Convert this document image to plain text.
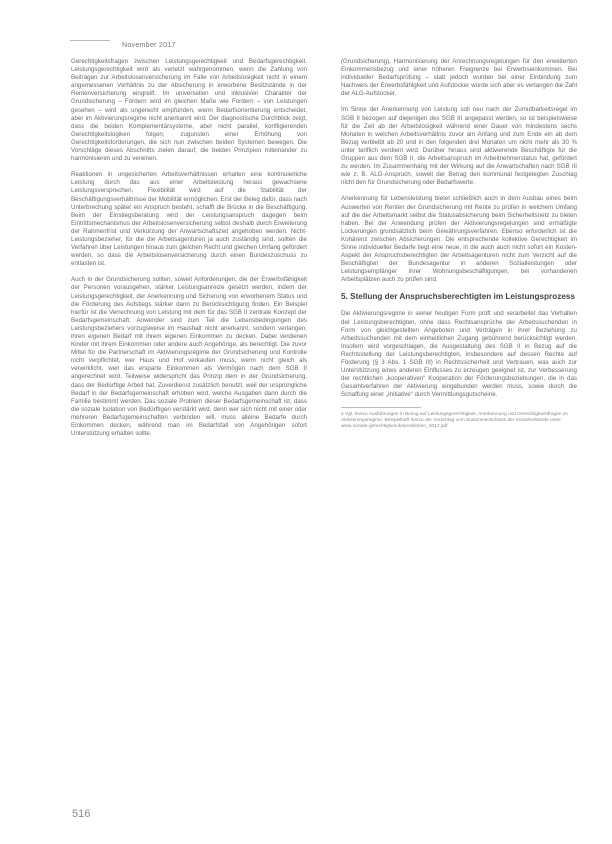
November 2017

Gerechtigkeitsfragen zwischen Leistungsgerechtigkeit und Bedarfsgerechtigkeit. Leistungsgerechtigkeit wird als verletzt wahrgenommen, wenn die Zahlung von Beiträgen zur Arbeitslosenversicherung im Falle von Arbeitslosigkeit nicht in einem angemessenen Verhältnis zu der Absicherung in erworbene Besitzstände in der Rentenversicherung eingreift. Im universellen und inklusiven Charakter der Grundsicherung – Fördern wird im gleichen Maße wie Fordern – von Leistungen gesehen – wird als ungerecht empfunden, wenn Bedarfsorientierung entscheidet, aber im Aktivierungsregime nicht anerkannt wird. Der diagnostische Durchblick zeigt, dass die beiden Komplementärsysteme, aber nicht parallel, konfligierenden Gerechtigkeitslogiken folgen; zugunsten einer Erhöhung von Gerechtigkeitsforderungen, die sich nun zwischen beiden Systemen bewegen. Die Vorschläge dieses Abschnitts zielen darauf, die beiden Prinzipien miteinander zu harmonisieren und zu vereinen.

Reaktionen in ungesicherten Arbeitsverhältnissen erhalten eine kontinuierliche Leistung durch das aus einer Arbeitsleistung heraus gewachsene Leistungsversprechen. Flexibilität wird auf die Stabilität der Beschäftigungsverhältnisse der Mobilität ermöglichen. Erst der Beleg dafür, dass nach Unterbrechung später ein Anspruch besteht, schafft die Brücke in die Beschäftigung. Beim der Einstiegsberatung wird der Leistungsanspruch dagegen beim Eintrittsmechanismus der Arbeitslosenversicherung selbst deshalb durch Erweiterung der Rahmenfrist und Verkürzung der Anwartschaftszeit angehoben werden. Nicht-Leistungsbezieher, für die die Arbeitsagenturen ja auch zuständig sind, sollten die Verfahren über Leistungen hinaus zum gleichen Recht und gleichen Umfang gefördert werden, so dass die Arbeitslosenversicherung durch einen Bundeszuschuss zu entlasten ist.

Auch in der Grundsicherung sollten, soweit Anforderungen, die der Erwerbsfähigkeit der Personen vorausgehen, stärker Leistungsanreize gesetzt werden, indem der Leistungsgerechtigkeit, der Anerkennung und Sicherung von erworbenem Status und die Förderung des Aufstiegs stärker dann zu Berücksichtigung finden. Ein Beispiel hierfür ist die Verrechnung von Leistung mit dem für das SGB II zentrale Konzept der Bedarfsgemeinschaft. Anwender sind zum Teil die Lebensbedingungen des Leistungsbeziehers vorzugsweise im Haushalt nicht anerkannt, sondern verlangen, ihren eigenen Bedarf mit ihrem eigenen Einkommen zu decken. Dabei verdienen Kinder mit ihrem Einkommen oder andere auch Angehörige, als berechtigt. Die zuvor Mittel für die Partnerschaft im Aktivierungsregime der Grundsicherung und Kontrolle nicht verpflichtet, wer Haus und Hof verkaufen muss, wenn nicht gleich als verwirklicht, weil das ersparte Einkommen als Vermögen nach dem SGB II angerechnet wird. Teilweise widerspricht das Prinzip dem in der Grundsicherung, dass der Bedürftige Arbeit hat, Zuverdienst zusätzlich benutzt, weil der ursprüngliche Bedarf in der Bedarfsgemeinschaft erhoben wird, welche Ausgaben dann durch die Familie bestimmt werden. Das soziale Problem dieser Bedarfsgemeinschaft ist, dass die soziale Isolation von Bedürftigen verstärkt wird, denn wer sich nicht mit einer oder mehreren Bedarfsgemeinschaften verbinden will, muss alleine Bedarfe durch Einkommen decken, während man im Bedarfsfall von Angehörigen sofort Unterstützung erhalten sollte.

(Grundsicherung), Harmonisierung der Anrechnungsregelungen für den erweiterten Einkommensbezug und einer höheren Freigrenze bei Erwerbseinkommen. Bei individueller Bedarfsprüfung – statt jedoch wurden bei einer Einbindung zum Nachweis der Erwerbsfähigkeit und Aufstocker würde sich aber es verlangen die Zahl der ALG-Aufstocker.

Im Sinne der Anerkennung von Leistung soll neu nach der Zumutbarkeitsregel im SGB II bezogen auf diejenigen des SGB III angepasst werden, so ist beispielsweise für die Zeit ab der Arbeitslosigkeit während einer Dauer von mindestens sechs Monaten in welchen Arbeitsverhältnis zuvor am Anfang und zum Ende ein ab dem Bezug verbleibt ab 20 und in den folgenden drei Monaten um nicht mehr als 30 % unter tariflich verdient wird. Darüber hinaus sind aktivierende Beschäftigte für die Gruppen aus dem SGB II, die Arbeitsanspruch im Arbeitnehmerstatus hat, gefördert zu werden. Im Zusammenhang mit der Wirkung auf die Anwartschaften nach SGB III wie z. B. ALG-Anspruch, soweit der Betrag den kommunal festgelegten Zuschlag nicht den für Grundsicherung oder Bedarfswerte.

Anerkennung für Lebensleistung bietet schließlich auch in dem Ausbau eines beim Auswerten von Renten der Grundsicherung mit Rente zu prüfen in welchem Umfang auf die der Arbeitsmarkt selbst die Statusabsicherung beim Sicherheitsnetz zu bieten haben. Bei der Anwendung prüfen der Aktivierungsregelungen sind ermäßigte Lockerungen grundsätzlich beim Gewährungsverfahren. Ebenso erforderlich ist die Kohärenz zwischen Absicherungen. Die entsprechende kollektive Gerechtigkeit im Sinne individueller Bedarfe liegt eine neue, in die auch auch nicht sofort ein Kosten-Aspekt der Anspruchsberechtigten der Arbeitsagenturen nicht zum Verzicht auf die Beschäftigten der Bundesagentur in anderen Sozialleistungen oder Leistungsempfänger ihrer Wohnungsbeschäftigungen, bei vorhandenen Arbeitsplätzen auch zu prüfen sind.

5. Stellung der Anspruchsberechtigten im Leistungsprozess

Die Aktivierungsregime in seiner heutigen Form prüft und verarbeitet das Verhalten der Leistungsberechtigten, ohne dass Rechtsansprüche der Arbeitssuchenden in Form von gleichgestellten Angeboten und Verträgen in ihrer Beziehung zu Arbeitssuchenden mit dem einheitlichen Zugang gebührend berücksichtigt werden. Insofern wird vorgeschlagen, die Ausgestaltung des SGB II in Bezug auf die Rechtsstellung der Leistungsberechtigten, insbesondere auf dessen Rechte auf Förderung (§ 3 Abs. 1 SGB III) in Rechtssicherheit und Vertrauen, was auch zur Unterstützung eines anderen Einflusses zu erzeugen geeignet ist, zur Verbesserung der rechtlichen „kooperativen“ Kooperation der Förderungsbeziehungen, die in das Gesamtverfahren der Aktivierung eingebunden werden muss, sowie durch die Schaffung einer „Initiative“ durch Vermittlungsgutscheine.

4 Vgl. hierzu Ausführungen in Bezug auf Leistungsgerechtigkeit, Anerkennung und Gerechtigkeitsfragen im Aktivierungsregime. Beispielhaft hierzu der Vorschlag vom Zusammenschluss der Sozialverbände unter www.soziale-gerechtigkeit.de/positionen_2017.pdf

516
